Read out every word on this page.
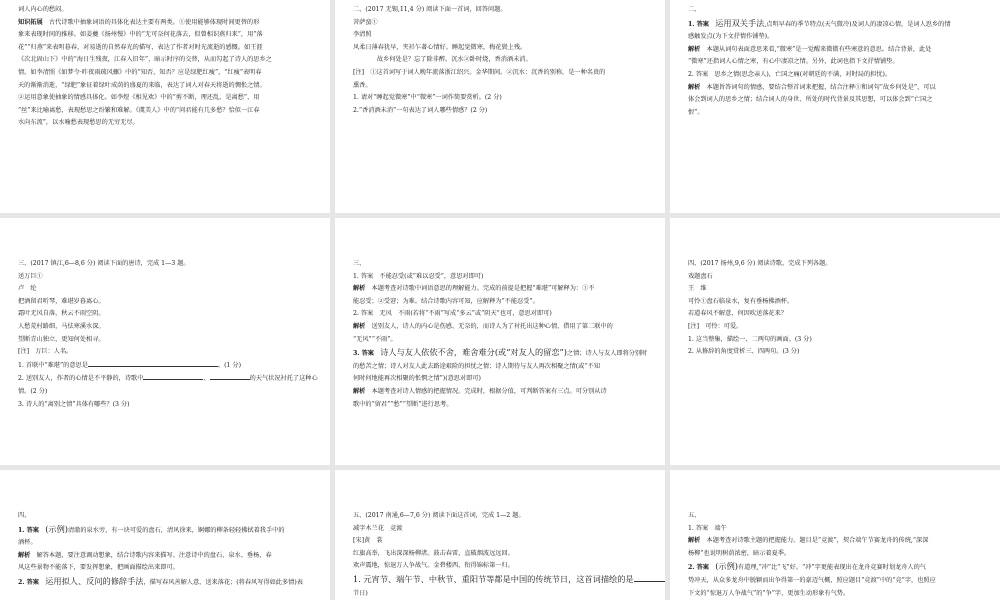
词人内心的愁闷。
知识拓展　古代诗歌中抽象词语的具体化表达主要有两类。①使用能够体现时间更替的形
象来表现时间的推移。如姜夔《扬州慢》中的“无可奈何花落去，似曾相识燕归来”，用“落
花”“归燕”来表明暮春，对易逝的自然春光的描写，表达了作者对时光流逝的感慨。如王涯
《次北固山下》中的“海日生残夜，江春入旧年”，暗示时序的交替，从而勾起了诗人的思乡之
情。如李清照《如梦令·昨夜雨疏风骤》中的“知否，知否？应是绿肥红瘦”，“红瘦”表明春
天的渐渐消逝，“绿肥”象征着绿叶成荫的盛夏的来临，表达了词人对春天将逝的惆怅之情。
②运用意象使抽象的情感具体化。如李煜《相见欢》中的“剪不断，理还乱，是离愁”，用
“丝”来比喻离愁，表现愁思之纷繁和难解。《虞美人》中的“问君能有几多愁？恰似一江春
水向东流”，以水喻愁表现愁思的无穷无尽。
二、(2017 无锡,11,4 分) 阅读下面一首词，回答问题。
菩萨蛮①
李清照
风柔日薄春犹早，夹衫乍著心情好。睡起觉微寒，梅花鬓上残。
故乡何处是？忘了除非醉。沉水②卧时烧，香消酒未消。
[注]　①这首词写于词人晚年流落浙江绍兴。金华期间。②沉水：沉香的别称，是一种名贵的
熏香。
1. 请对“睡起觉微寒”中“微寒”一词作简要赏析。(2 分)
2.“香消酒未消”一句表达了词人哪些情感？(2 分)
二、
1. 答案　运用双关手法,点明早春的季节特点(天气微冷)及词人的凄凉心情，是词人思乡的情
感触发点(为下文抒情作铺垫)。
解析　本题从词句表面意思来看,“微寒”是一觉醒来微微有些寒意的意思。结合背景，此处
“微寒”还指词人心情之寒，有心中凄凉之情。另外，此词也指下文抒情铺垫。
2. 答案　思乡之情(思念亲人)，亡国之痛(对朝廷的不满，对时局的担忧)。
解析　本题旨答词句的情感，要结合整首词来把握，结合注释①和词句“故乡何处是”，可以
体会到词人的思乡之情；结合词人的身世、所处的时代背景及其思想，可以体会到“亡国之
恨”。
三、(2017 镇江,6—8,6 分) 阅读下面的唐诗，完成 1—3 题。
送万巨①
卢　纶
把酒留君听琴，难堪岁暮离心。
霜叶无风自落，秋云不雨空阴。
人愁荒村路细，马怯寒溪水深。
望断青山独立，更知何处相寻。
[注]　万巨：人名。
1. 首联中“难堪”的意思是	。(1 分)
2. 送别友人，作者的心情是不平静的，诗歌中	、	的天气状况衬托了这种心
情。(2 分)
3. 诗人的“离别之情”具体有哪些？(3 分)
三、
1. 答案　不能忍受(或“难以忍受”，意思对即可)
解析　本题考查对诗歌中词语意思的理解能力。完成的前提是把握“难堪”可解释为：①不
能忍受；②受窘；为难。结合诗歌内容可知，应解释为“不能忍受”。
2. 答案　无风　不雨(若将“不雨”写成“多云”或“阴天”也可，意思对即可)
解析　送别友人，诗人的内心是伤感、无奈的，而诗人为了衬托出这种心情，借用了第二联中的
“无风”“不雨”。
3. 答案　诗人与友人依依不舍，难舍难分(或“对友人的留恋”)之情；诗人与友人即将分别时
的愁苦之情；诗人对友人此去路途艰险的担忧之情；诗人期待与友人再次相聚之情(或“不知
何时何地能再次相聚的怅惘之情”)(意思对即可)
解析　本题考查对诗人情感的把握情况。完成时，根据分值，可判断答案有三点。可分别从诗
歌中的“留君”“愁”“望断”进行思考。
四、(2017 扬州,9,6 分) 阅读诗歌，完成下列各题。
戏题盘石
王　维
可怜①盘石临泉水，复有垂杨拂酒杯。
若道春风不解意，何因吹送落花来？
[注]　可怜：可爱。
1. 这当整集，描绘一、二两句的画面。(3 分)
2. 从修辞的角度赏析三、四两句。(3 分)
四、
1. 答案　(示例)清澈的泉水旁，有一块可爱的盘石，清风徐来，婀娜的柳条轻轻拂拭着我手中的
酒杯。
解析　解答本题，要注意调动想象，结合诗歌内容来描写。注意诗中的盘石、泉水、垂杨、春
风这些景物不能落下，要发挥想象，把画面描绘出来即可。
2. 答案　运用拟人、反问的修辞手法，描写春风善解人意，送来落花；(将春风写得如此多情)表
五、(2017 南通,6—7,6 分) 阅读下面这首词，完成 1—2 题。
减字木兰花　竞渡
[宋]黄　裳
红旗高举，飞出深深杨柳渚。鼓击春雷，直破烟波远远回。
欢声震地，惊退万人争战气。金碧楼西，衔得锦标第一归。
1. 元宵节、端午节、中秋节、重阳节等都是中国的传统节日，这首词描绘的是
节日)
五、
1. 答案　端午
解析　本题考查对诗歌主题的把握能力。题目是“竞渡”，契合端午节赛龙舟的传统,“深深
杨柳”也说明树荫浓密，暗示着夏季。
2. 答案　(示例)有道理,“冲”比“飞”好。“冲”字更能表现出在龙舟竞赛时划龙舟人的气
势冲天，从众多龙舟中脱颖而出争得第一的豪迈气概，照应题目“竞渡”中的“竞”字，也照应
下文的“惊退万人争战气”的“争”字，更加生动形象有气势。
